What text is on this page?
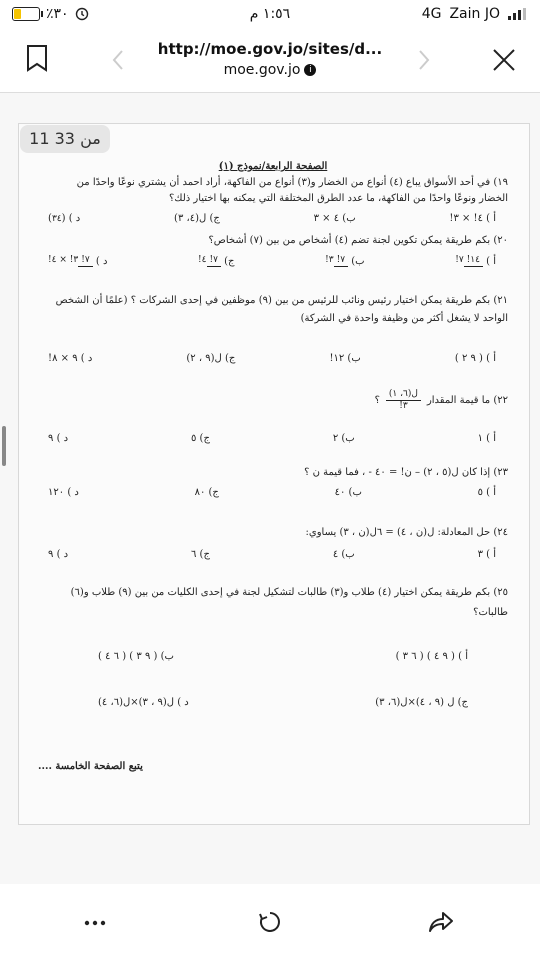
٪٣٠	١:٥٦ م	4G Zain JO
http://moe.gov.jo/sites/d...
moe.gov.jo i
11 من 33
الصفحة الرابعة/نموذج (١)
١٩) في أحد الأسواق يباع (٤) أنواع من الخضار و(٣) أنواع من الفاكهة، أراد احمد أن يشتري نوعًا واحدًا من
الخضار ونوعًا واحدًا من الفاكهة، ما عدد الطرق المختلفة التي يمكنه بها اختيار ذلك؟
أ ) ٤! × ٣!
ب) ٤ × ٣
ج) ل(٤، ٣)
د ) (٤٣)
٢٠) بكم طريقة يمكن تكوين لجنة تضم (٤) أشخاص من بين (٧) أشخاص؟
أ ) ١٤!٧!
ب) ٧!٣!
ج) ٧!٤!
د ) ٧!٣! × ٤!
٢١) بكم طريقة يمكن اختيار رئيس ونائب للرئيس من بين (٩) موظفين في إحدى الشركات ؟ (علمًا أن الشخص
الواحد لا يشغل أكثر من وظيفة واحدة في الشركة)
أ ) ( ٩ ٢ )
ب) ١٢!
ج) ل(٩ ، ٢)
د ) ٩ × ٨!
٢٢) ما قيمة المقدار
$\frac{\text{ل(٦، ١)}}{٣!}$
؟
أ ) ١
ب) ٢
ج) ٥
د ) ٩
٢٣) إذا كان ل(٥ ، ٢) – ن! = ٤٠ - ، فما قيمة ن ؟
أ ) ٥
ب) ٤٠
ج) ٨٠
د ) ١٢٠
٢٤) حل المعادلة: ل(ن ، ٤) = ٦ل(ن ، ٣) يساوي:
أ ) ٣
ب) ٤
ج) ٦
د ) ٩
٢٥) بكم طريقة يمكن اختيار (٤) طلاب و(٣) طالبات لتشكيل لجنة في إحدى الكليات من بين (٩) طلاب و(٦)
طالبات؟
أ ) ( ٩ ٤ ) ( ٦ ٣ )
ب) ( ٩ ٣ ) ( ٦ ٤ )
ج) ل (٩ ، ٤)×ل(٦، ٣)
د ) ل(٩ ، ٣)×ل(٦، ٤)
يتبع الصفحة الخامسة ....
